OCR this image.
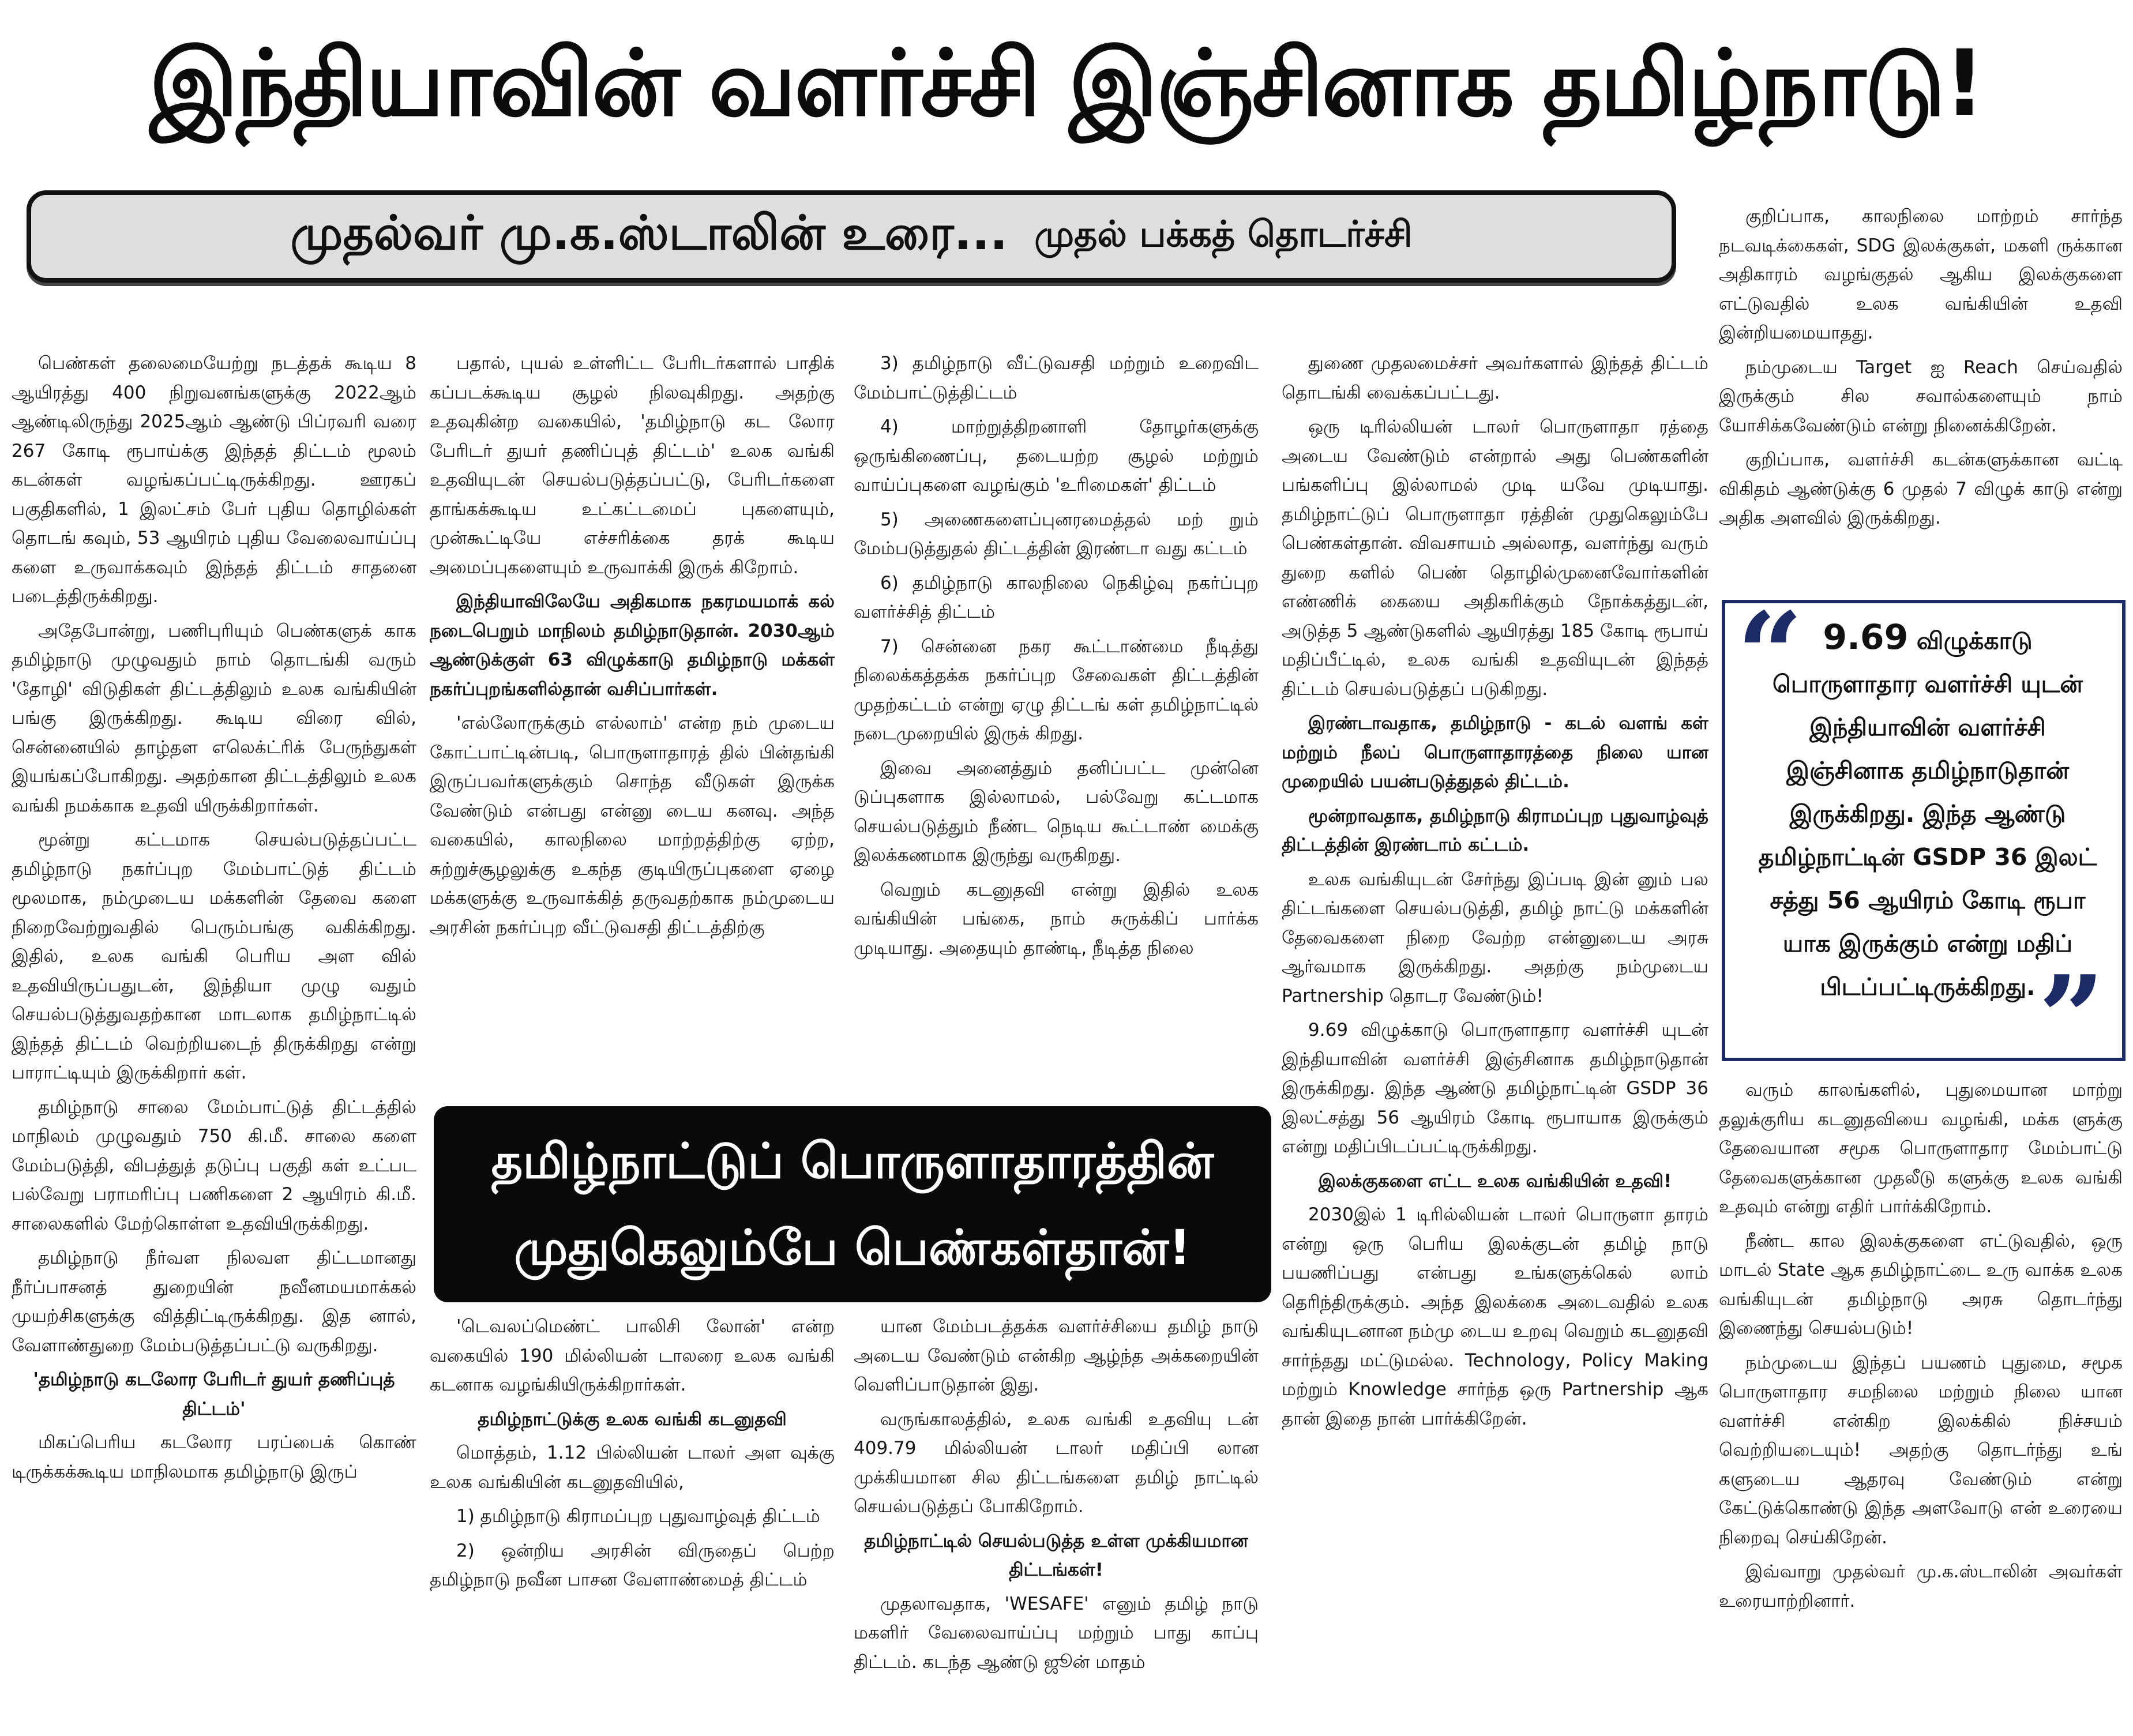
இந்தியாவின் வளர்ச்சி இஞ்சினாக தமிழ்நாடு!
முதல்வர் மு.க.ஸ்டாலின் உரை... முதல் பக்கத் தொடர்ச்சி

பெண்கள் தலைமையேற்று நடத்தக் கூடிய 8 ஆயிரத்து 400 நிறுவனங்களுக்கு 2022ஆம் ஆண்டிலிருந்து 2025ஆம் ஆண்டு பிப்ரவரி வரை 267 கோடி ரூபாய்க்கு இந்தத் திட்டம் மூலம் கடன்கள் வழங்கப்பட்டிருக்கிறது. ஊரகப் பகுதிகளில், 1 இலட்சம் பேர் புதிய தொழில்கள் தொடங் கவும், 53 ஆயிரம் புதிய வேலைவாய்ப்பு களை உருவாக்கவும் இந்தத் திட்டம் சாதனை படைத்திருக்கிறது.

அதேபோன்று, பணிபுரியும் பெண்களுக் காக தமிழ்நாடு முழுவதும் நாம் தொடங்கி வரும் 'தோழி' விடுதிகள் திட்டத்திலும் உலக வங்கியின் பங்கு இருக்கிறது. கூடிய விரை வில், சென்னையில் தாழ்தள எலெக்ட்ரிக் பேருந்துகள் இயங்கப்போகிறது. அதற்கான திட்டத்திலும் உலக வங்கி நமக்காக உதவி யிருக்கிறார்கள்.

மூன்று கட்டமாக செயல்படுத்தப்பட்ட தமிழ்நாடு நகர்ப்புற மேம்பாட்டுத் திட்டம் மூலமாக, நம்முடைய மக்களின் தேவை களை நிறைவேற்றுவதில் பெரும்பங்கு வகிக்கிறது. இதில், உலக வங்கி பெரிய அள வில் உதவியிருப்பதுடன், இந்தியா முழு வதும் செயல்படுத்துவதற்கான மாடலாக தமிழ்நாட்டில் இந்தத் திட்டம் வெற்றியடைந் திருக்கிறது என்று பாராட்டியும் இருக்கிறார் கள்.

தமிழ்நாடு சாலை மேம்பாட்டுத் திட்டத்தில் மாநிலம் முழுவதும் 750 கி.மீ. சாலை களை மேம்படுத்தி, விபத்துத் தடுப்பு பகுதி கள் உட்பட பல்வேறு பராமரிப்பு பணிகளை 2 ஆயிரம் கி.மீ. சாலைகளில் மேற்கொள்ள உதவியிருக்கிறது.

தமிழ்நாடு நீர்வள நிலவள திட்டமானது நீர்ப்பாசனத் துறையின் நவீனமயமாக்கல் முயற்சிகளுக்கு வித்திட்டிருக்கிறது. இத னால், வேளாண்துறை மேம்படுத்தப்பட்டு வருகிறது.

'தமிழ்நாடு கடலோர பேரிடர் துயர் தணிப்புத் திட்டம்'

மிகப்பெரிய கடலோர பரப்பைக் கொண் டிருக்கக்கூடிய மாநிலமாக தமிழ்நாடு இருப்

பதால், புயல் உள்ளிட்ட பேரிடர்களால் பாதிக் கப்படக்கூடிய சூழல் நிலவுகிறது. அதற்கு உதவுகின்ற வகையில், 'தமிழ்நாடு கட லோர பேரிடர் துயர் தணிப்புத் திட்டம்' உலக வங்கி உதவியுடன் செயல்படுத்தப்பட்டு, பேரிடர்களை தாங்கக்கூடிய உட்கட்டமைப் புகளையும், முன்கூட்டியே எச்சரிக்கை தரக் கூடிய அமைப்புகளையும் உருவாக்கி இருக் கிறோம்.

இந்தியாவிலேயே அதிகமாக நகரமயமாக் கல் நடைபெறும் மாநிலம் தமிழ்நாடுதான். 2030ஆம் ஆண்டுக்குள் 63 விழுக்காடு தமிழ்நாடு மக்கள் நகர்ப்புறங்களில்தான் வசிப்பார்கள்.

'எல்லோருக்கும் எல்லாம்' என்ற நம் முடைய கோட்பாட்டின்படி, பொருளாதாரத் தில் பின்தங்கி இருப்பவர்களுக்கும் சொந்த வீடுகள் இருக்க வேண்டும் என்பது என்னு டைய கனவு. அந்த வகையில், காலநிலை மாற்றத்திற்கு ஏற்ற, சுற்றுச்சூழலுக்கு உகந்த குடியிருப்புகளை ஏழை மக்களுக்கு உருவாக்கித் தருவதற்காக நம்முடைய அரசின் நகர்ப்புற வீட்டுவசதி திட்டத்திற்கு

3) தமிழ்நாடு வீட்டுவசதி மற்றும் உறைவிட மேம்பாட்டுத்திட்டம்

4) மாற்றுத்திறனாளி தோழர்களுக்கு ஒருங்கிணைப்பு, தடையற்ற சூழல் மற்றும் வாய்ப்புகளை வழங்கும் 'உரிமைகள்' திட்டம்

5) அணைகளைப்புனரமைத்தல் மற் றும் மேம்படுத்துதல் திட்டத்தின் இரண்டா வது கட்டம்

6) தமிழ்நாடு காலநிலை நெகிழ்வு நகர்ப்புற வளர்ச்சித் திட்டம்

7) சென்னை நகர கூட்டாண்மை நீடித்து நிலைக்கத்தக்க நகர்ப்புற சேவைகள் திட்டத்தின் முதற்கட்டம் என்று ஏழு திட்டங் கள் தமிழ்நாட்டில் நடைமுறையில் இருக் கிறது.

இவை அனைத்தும் தனிப்பட்ட முன்னெ டுப்புகளாக இல்லாமல், பல்வேறு கட்டமாக செயல்படுத்தும் நீண்ட நெடிய கூட்டாண் மைக்கு இலக்கணமாக இருந்து வருகிறது.

வெறும் கடனுதவி என்று இதில் உலக வங்கியின் பங்கை, நாம் சுருக்கிப் பார்க்க முடியாது. அதையும் தாண்டி, நீடித்த நிலை

தமிழ்நாட்டுப் பொருளாதாரத்தின்
முதுகெலும்பே பெண்கள்தான்!

'டெவலப்மெண்ட் பாலிசி லோன்' என்ற வகையில் 190 மில்லியன் டாலரை உலக வங்கி கடனாக வழங்கியிருக்கிறார்கள்.

தமிழ்நாட்டுக்கு உலக வங்கி கடனுதவி

மொத்தம், 1.12 பில்லியன் டாலர் அள வுக்கு உலக வங்கியின் கடனுதவியில்,

1) தமிழ்நாடு கிராமப்புற புதுவாழ்வுத் திட்டம்

2) ஒன்றிய அரசின் விருதைப் பெற்ற தமிழ்நாடு நவீன பாசன வேளாண்மைத் திட்டம்

யான மேம்படத்தக்க வளர்ச்சியை தமிழ் நாடு அடைய வேண்டும் என்கிற ஆழ்ந்த அக்கறையின் வெளிப்பாடுதான் இது.

வருங்காலத்தில், உலக வங்கி உதவியு டன் 409.79 மில்லியன் டாலர் மதிப்பி லான முக்கியமான சில திட்டங்களை தமிழ் நாட்டில் செயல்படுத்தப் போகிறோம்.

தமிழ்நாட்டில் செயல்படுத்த உள்ள முக்கியமான திட்டங்கள்!

முதலாவதாக, 'WESAFE' எனும் தமிழ் நாடு மகளிர் வேலைவாய்ப்பு மற்றும் பாது காப்பு திட்டம். கடந்த ஆண்டு ஜூன் மாதம்

துணை முதலமைச்சர் அவர்களால் இந்தத் திட்டம் தொடங்கி வைக்கப்பட்டது.

ஒரு டிரில்லியன் டாலர் பொருளாதா ரத்தை அடைய வேண்டும் என்றால் அது பெண்களின் பங்களிப்பு இல்லாமல் முடி யவே முடியாது. தமிழ்நாட்டுப் பொருளாதா ரத்தின் முதுகெலும்பே பெண்கள்தான். விவசாயம் அல்லாத, வளர்ந்து வரும் துறை களில் பெண் தொழில்முனைவோர்களின் எண்ணிக் கையை அதிகரிக்கும் நோக்கத்துடன், அடுத்த 5 ஆண்டுகளில் ஆயிரத்து 185 கோடி ரூபாய் மதிப்பீட்டில், உலக வங்கி உதவியுடன் இந்தத் திட்டம் செயல்படுத்தப் படுகிறது.

இரண்டாவதாக, தமிழ்நாடு - கடல் வளங் கள் மற்றும் நீலப் பொருளாதாரத்தை நிலை யான முறையில் பயன்படுத்துதல் திட்டம்.

மூன்றாவதாக, தமிழ்நாடு கிராமப்புற புதுவாழ்வுத் திட்டத்தின் இரண்டாம் கட்டம்.

உலக வங்கியுடன் சேர்ந்து இப்படி இன் னும் பல திட்டங்களை செயல்படுத்தி, தமிழ் நாட்டு மக்களின் தேவைகளை நிறை வேற்ற என்னுடைய அரசு ஆர்வமாக இருக்கிறது. அதற்கு நம்முடைய Partnership தொடர வேண்டும்!

9.69 விழுக்காடு பொருளாதார வளர்ச்சி யுடன் இந்தியாவின் வளர்ச்சி இஞ்சினாக தமிழ்நாடுதான் இருக்கிறது. இந்த ஆண்டு தமிழ்நாட்டின் GSDP 36 இலட்சத்து 56 ஆயிரம் கோடி ரூபாயாக இருக்கும் என்று மதிப்பிடப்பட்டிருக்கிறது.

இலக்குகளை எட்ட உலக வங்கியின் உதவி!

2030இல் 1 டிரில்லியன் டாலர் பொருளா தாரம் என்று ஒரு பெரிய இலக்குடன் தமிழ் நாடு பயணிப்பது என்பது உங்களுக்கெல் லாம் தெரிந்திருக்கும். அந்த இலக்கை அடைவதில் உலக வங்கியுடனான நம்மு டைய உறவு வெறும் கடனுதவி சார்ந்தது மட்டுமல்ல. Technology, Policy Making மற்றும் Knowledge சார்ந்த ஒரு Partnership ஆக தான் இதை நான் பார்க்கிறேன்.

குறிப்பாக, காலநிலை மாற்றம் சார்ந்த நடவடிக்கைகள், SDG இலக்குகள், மகளி ருக்கான அதிகாரம் வழங்குதல் ஆகிய இலக்குகளை எட்டுவதில் உலக வங்கியின் உதவி இன்றியமையாதது.

நம்முடைய Target ஐ Reach செய்வதில் இருக்கும் சில சவால்களையும் நாம் யோசிக்கவேண்டும் என்று நினைக்கிறேன்.

குறிப்பாக, வளர்ச்சி கடன்களுக்கான வட்டி விகிதம் ஆண்டுக்கு 6 முதல் 7 விழுக் காடு என்று அதிக அளவில் இருக்கிறது.

“ 9.69 விழுக்காடு பொருளாதார வளர்ச்சி யுடன் இந்தியாவின் வளர்ச்சி இஞ்சினாக தமிழ்நாடுதான் இருக்கிறது. இந்த ஆண்டு தமிழ்நாட்டின் GSDP 36 இலட் சத்து 56 ஆயிரம் கோடி ரூபா யாக இருக்கும் என்று மதிப் பிடப்பட்டிருக்கிறது. ”

வரும் காலங்களில், புதுமையான மாற்று தலுக்குரிய கடனுதவியை வழங்கி, மக்க ளுக்கு தேவையான சமூக பொருளாதார மேம்பாட்டு தேவைகளுக்கான முதலீடு களுக்கு உலக வங்கி உதவும் என்று எதிர் பார்க்கிறோம்.

நீண்ட கால இலக்குகளை எட்டுவதில், ஒரு மாடல் State ஆக தமிழ்நாட்டை உரு வாக்க உலக வங்கியுடன் தமிழ்நாடு அரசு தொடர்ந்து இணைந்து செயல்படும்!

நம்முடைய இந்தப் பயணம் புதுமை, சமூக பொருளாதார சமநிலை மற்றும் நிலை யான வளர்ச்சி என்கிற இலக்கில் நிச்சயம் வெற்றியடையும்! அதற்கு தொடர்ந்து உங் களுடைய ஆதரவு வேண்டும் என்று கேட்டுக்கொண்டு இந்த அளவோடு என் உரையை நிறைவு செய்கிறேன்.

இவ்வாறு முதல்வர் மு.க.ஸ்டாலின் அவர்கள் உரையாற்றினார்.
